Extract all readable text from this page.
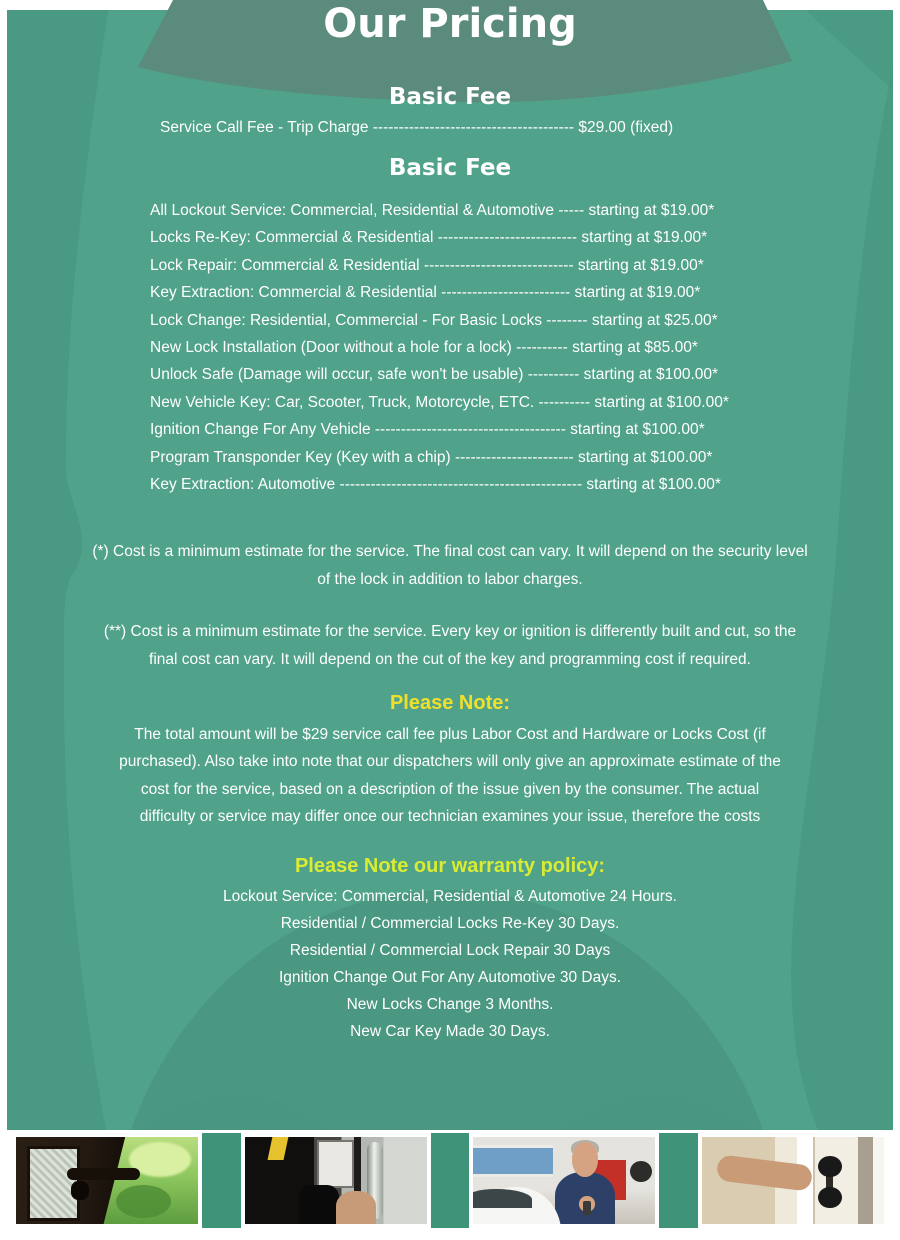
Our Pricing
Basic Fee
Service Call Fee - Trip Charge --------------------------------------- $29.00 (fixed)
Basic Fee
All Lockout Service: Commercial, Residential & Automotive ----- starting at $19.00*
Locks Re-Key: Commercial & Residential --------------------------- starting at $19.00*
Lock Repair: Commercial & Residential ----------------------------- starting at $19.00*
Key Extraction: Commercial & Residential ------------------------- starting at $19.00*
Lock Change: Residential, Commercial - For Basic Locks -------- starting at $25.00*
New Lock Installation (Door without a hole for a lock) ---------- starting at $85.00*
Unlock Safe (Damage will occur, safe won't be usable) ---------- starting at $100.00*
New Vehicle Key: Car, Scooter, Truck, Motorcycle, ETC. ---------- starting at $100.00*
Ignition Change For Any Vehicle ------------------------------------- starting at $100.00*
Program Transponder Key (Key with a chip) ----------------------- starting at $100.00*
Key Extraction: Automotive ----------------------------------------------- starting at $100.00*
(*) Cost is a minimum estimate for the service. The final cost can vary. It will depend on the security level of the lock in addition to labor charges.
(**) Cost is a minimum estimate for the service. Every key or ignition is differently built and cut, so the final cost can vary. It will depend on the cut of the key and programming cost if required.
Please Note:
The total amount will be $29 service call fee plus Labor Cost and Hardware or Locks Cost (if purchased). Also take into note that our dispatchers will only give an approximate estimate of the cost for the service, based on a description of the issue given by the consumer. The actual difficulty or service may differ once our technician examines your issue, therefore the costs
Please Note our warranty policy:
Lockout Service: Commercial, Residential & Automotive 24 Hours.
Residential / Commercial Locks Re-Key 30 Days.
Residential / Commercial Lock Repair 30 Days
Ignition Change Out For Any Automotive 30 Days.
New Locks Change 3 Months.
New Car Key Made 30 Days.
